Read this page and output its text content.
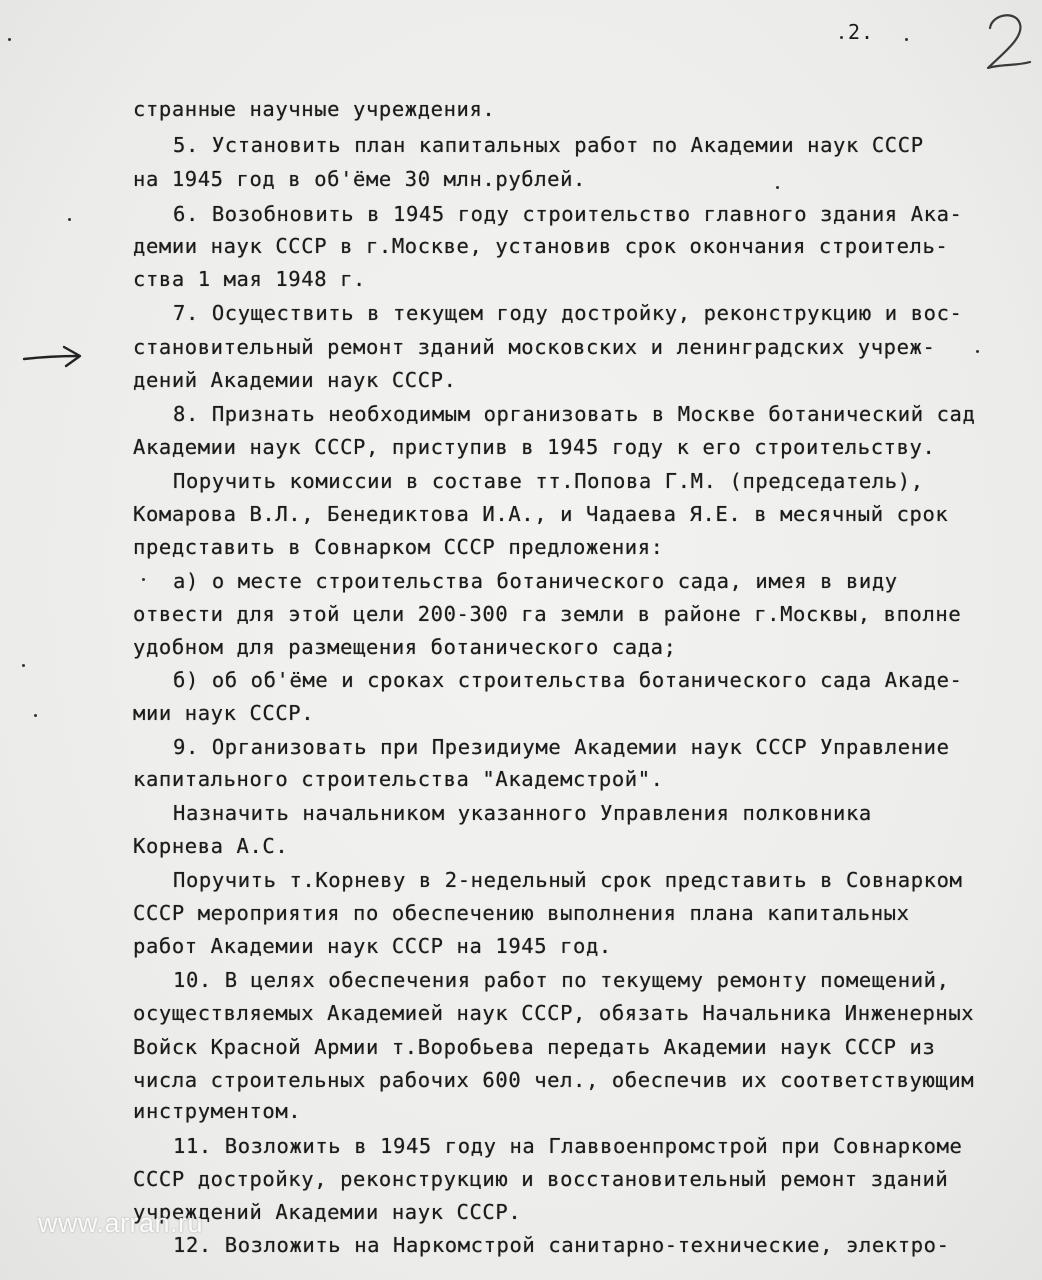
2.
странные научные учреждения.
5. Установить план капитальных работ по Академии наук СССР
на 1945 год в об'ёме 30 млн.рублей.
6. Возобновить в 1945 году строительство главного здания Ака-
демии наук СССР в г.Москве, установив срок окончания строитель-
ства 1 мая 1948 г.
7. Осуществить в текущем году достройку, реконструкцию и вос-
становительный ремонт зданий московских и ленинградских учреж-
дений Академии наук СССР.
8. Признать необходимым организовать в Москве ботанический сад
Академии наук СССР, приступив в 1945 году к его строительству.
Поручить комиссии в составе тт.Попова Г.М. (председатель),
Комарова В.Л., Бенедиктова И.А., и Чадаева Я.Е. в месячный срок
представить в Совнарком СССР предложения:
а) о месте строительства ботанического сада, имея в виду
отвести для этой цели 200-300 га земли в районе г.Москвы, вполне
удобном для размещения ботанического сада;
б) об об'ёме и сроках строительства ботанического сада Акаде-
мии наук СССР.
9. Организовать при Президиуме Академии наук СССР Управление
капитального строительства "Академстрой".
Назначить начальником указанного Управления полковника
Корнева А.С.
Поручить т.Корневу в 2-недельный срок представить в Совнарком
СССР мероприятия по обеспечению выполнения плана капитальных
работ Академии наук СССР на 1945 год.
10. В целях обеспечения работ по текущему ремонту помещений,
осуществляемых Академией наук СССР, обязать Начальника Инженерных
Войск Красной Армии т.Воробьева передать Академии наук СССР из
числа строительных рабочих 600 чел., обеспечив их соответствующим
инструментом.
11. Возложить в 1945 году на Главвоенпромстрой при Совнаркоме
СССР достройку, реконструкцию и восстановительный ремонт зданий
учреждений Академии наук СССР.
12. Возложить на Наркомстрой санитарно-технические, электро-
www.arran.ru
